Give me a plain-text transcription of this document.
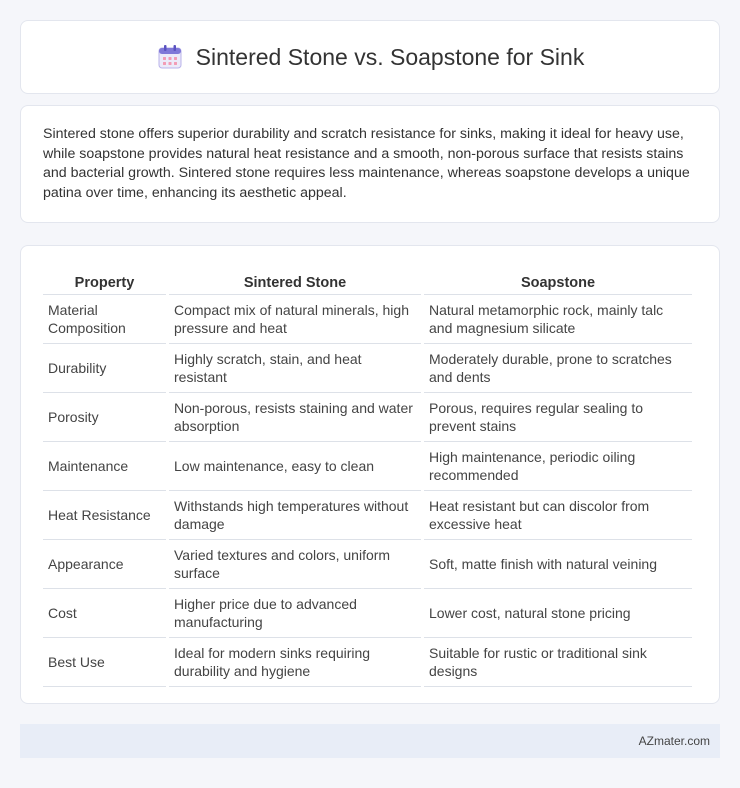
Sintered Stone vs. Soapstone for Sink

Sintered stone offers superior durability and scratch resistance for sinks, making it ideal for heavy use, while soapstone provides natural heat resistance and a smooth, non-porous surface that resists stains and bacterial growth. Sintered stone requires less maintenance, whereas soapstone develops a unique patina over time, enhancing its aesthetic appeal.

Property	Sintered Stone	Soapstone
Material Composition	Compact mix of natural minerals, high pressure and heat	Natural metamorphic rock, mainly talc and magnesium silicate
Durability	Highly scratch, stain, and heat resistant	Moderately durable, prone to scratches and dents
Porosity	Non-porous, resists staining and water absorption	Porous, requires regular sealing to prevent stains
Maintenance	Low maintenance, easy to clean	High maintenance, periodic oiling recommended
Heat Resistance	Withstands high temperatures without damage	Heat resistant but can discolor from excessive heat
Appearance	Varied textures and colors, uniform surface	Soft, matte finish with natural veining
Cost	Higher price due to advanced manufacturing	Lower cost, natural stone pricing
Best Use	Ideal for modern sinks requiring durability and hygiene	Suitable for rustic or traditional sink designs
AZmater.com
